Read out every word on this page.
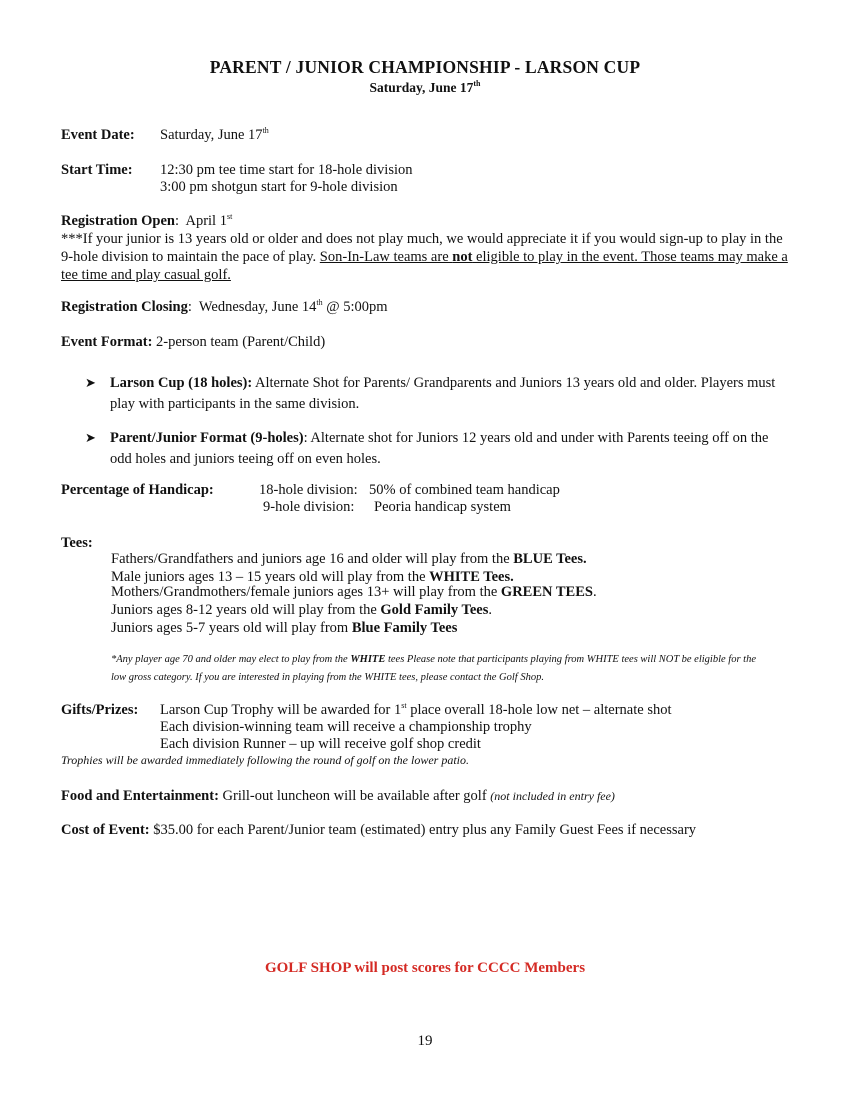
PARENT / JUNIOR CHAMPIONSHIP - LARSON CUP
Saturday, June 17th
Event Date: Saturday, June 17th
Start Time: 12:30 pm tee time start for 18-hole division
3:00 pm shotgun start for 9-hole division
Registration Open:  April 1st
***If your junior is 13 years old or older and does not play much, we would appreciate it if you would sign-up to play in the 9-hole division to maintain the pace of play. Son-In-Law teams are not eligible to play in the event. Those teams may make a tee time and play casual golf.
Registration Closing:  Wednesday, June 14th @ 5:00pm
Event Format: 2-person team (Parent/Child)
➤ Larson Cup (18 holes): Alternate Shot for Parents/ Grandparents and Juniors 13 years old and older. Players must play with participants in the same division.
➤ Parent/Junior Format (9-holes): Alternate shot for Juniors 12 years old and under with Parents teeing off on the odd holes and juniors teeing off on even holes.
Percentage of Handicap:	18-hole division: 50% of combined team handicap
9-hole division: Peoria handicap system
Tees:
Fathers/Grandfathers and juniors age 16 and older will play from the BLUE Tees.
Male juniors ages 13 – 15 years old will play from the WHITE Tees.
Mothers/Grandmothers/female juniors ages 13+ will play from the GREEN TEES.
Juniors ages 8-12 years old will play from the Gold Family Tees.
Juniors ages 5-7 years old will play from Blue Family Tees
*Any player age 70 and older may elect to play from the WHITE tees Please note that participants playing from WHITE tees will NOT be eligible for the low gross category. If you are interested in playing from the WHITE tees, please contact the Golf Shop.
Gifts/Prizes: Larson Cup Trophy will be awarded for 1st place overall 18-hole low net – alternate shot
Each division-winning team will receive a championship trophy
Each division Runner – up will receive golf shop credit
Trophies will be awarded immediately following the round of golf on the lower patio.
Food and Entertainment: Grill-out luncheon will be available after golf (not included in entry fee)
Cost of Event: $35.00 for each Parent/Junior team (estimated) entry plus any Family Guest Fees if necessary
GOLF SHOP will post scores for CCCC Members
19
